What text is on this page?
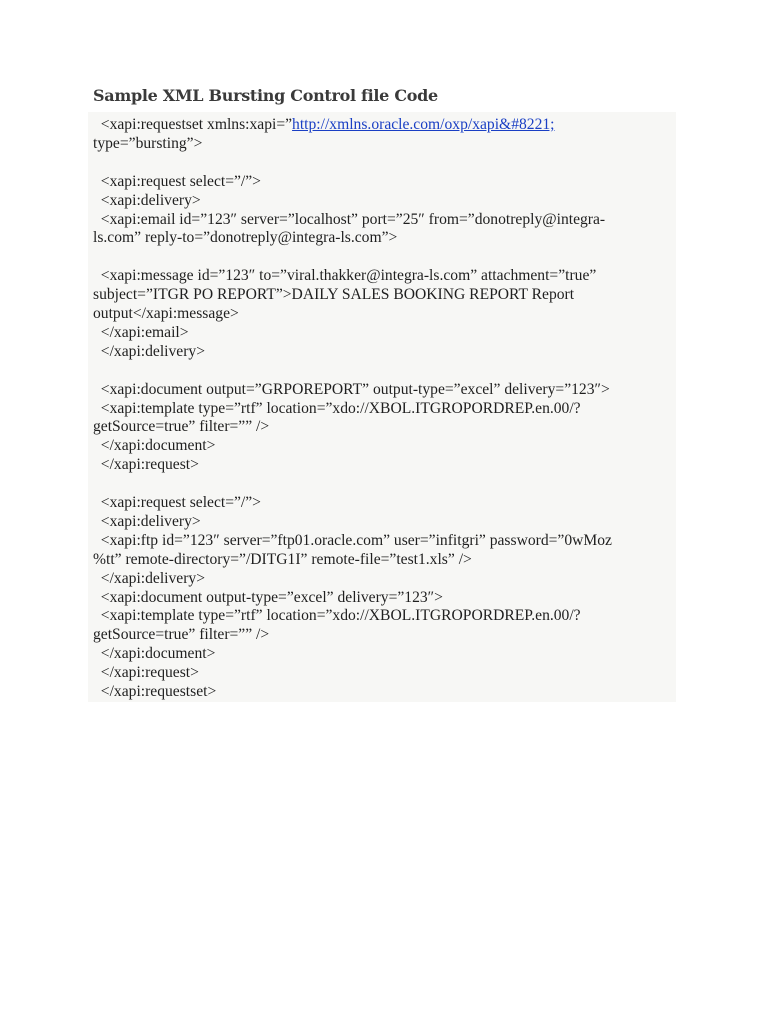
Sample XML Bursting Control file Code
<xapi:requestset xmlns:xapi=”http://xmlns.oracle.com/oxp/xapi&#8221;
type=”bursting”>
<xapi:request select=”/”>
<xapi:delivery>
<xapi:email id=”123″ server=”localhost” port=”25″ from=”donotreply@integra-
ls.com” reply-to=”donotreply@integra-ls.com”>
<xapi:message id=”123″ to=”viral.thakker@integra-ls.com” attachment=”true”
subject=”ITGR PO REPORT”>DAILY SALES BOOKING REPORT Report
output</xapi:message>
</xapi:email>
</xapi:delivery>
<xapi:document output=”GRPOREPORT” output-type=”excel” delivery=”123″>
<xapi:template type=”rtf” location=”xdo://XBOL.ITGROPORDREP.en.00/?
getSource=true” filter=”” />
</xapi:document>
</xapi:request>
<xapi:request select=”/”>
<xapi:delivery>
<xapi:ftp id=”123″ server=”ftp01.oracle.com” user=”infitgri” password=”0wMoz
%tt” remote-directory=”/DITG1I” remote-file=”test1.xls” />
</xapi:delivery>
<xapi:document output-type=”excel” delivery=”123″>
<xapi:template type=”rtf” location=”xdo://XBOL.ITGROPORDREP.en.00/?
getSource=true” filter=”” />
</xapi:document>
</xapi:request>
</xapi:requestset>
